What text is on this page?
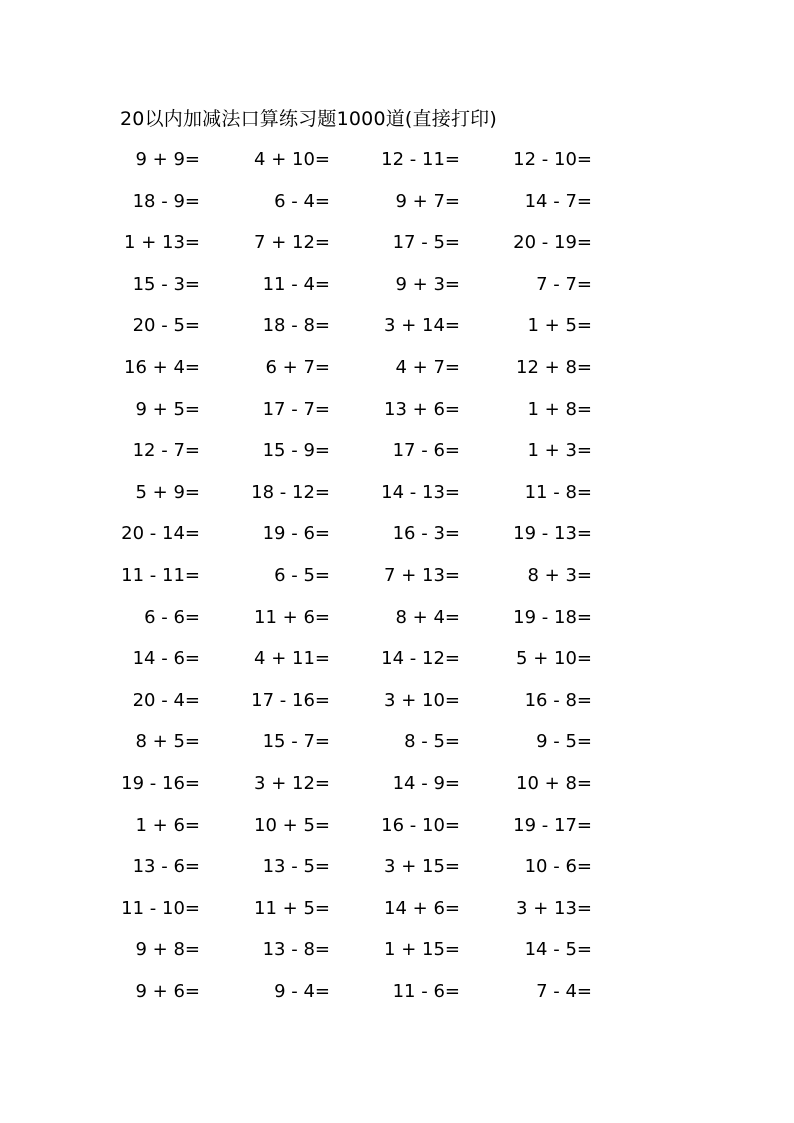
20以内加减法口算练习题1000道(直接打印)
9 + 9=	4 + 10=	12 - 11=	12 - 10=
18 - 9=	6 - 4=	9 + 7=	14 - 7=
1 + 13=	7 + 12=	17 - 5=	20 - 19=
15 - 3=	11 - 4=	9 + 3=	7 - 7=
20 - 5=	18 - 8=	3 + 14=	1 + 5=
16 + 4=	6 + 7=	4 + 7=	12 + 8=
9 + 5=	17 - 7=	13 + 6=	1 + 8=
12 - 7=	15 - 9=	17 - 6=	1 + 3=
5 + 9=	18 - 12=	14 - 13=	11 - 8=
20 - 14=	19 - 6=	16 - 3=	19 - 13=
11 - 11=	6 - 5=	7 + 13=	8 + 3=
6 - 6=	11 + 6=	8 + 4=	19 - 18=
14 - 6=	4 + 11=	14 - 12=	5 + 10=
20 - 4=	17 - 16=	3 + 10=	16 - 8=
8 + 5=	15 - 7=	8 - 5=	9 - 5=
19 - 16=	3 + 12=	14 - 9=	10 + 8=
1 + 6=	10 + 5=	16 - 10=	19 - 17=
13 - 6=	13 - 5=	3 + 15=	10 - 6=
11 - 10=	11 + 5=	14 + 6=	3 + 13=
9 + 8=	13 - 8=	1 + 15=	14 - 5=
9 + 6=	9 - 4=	11 - 6=	7 - 4=
